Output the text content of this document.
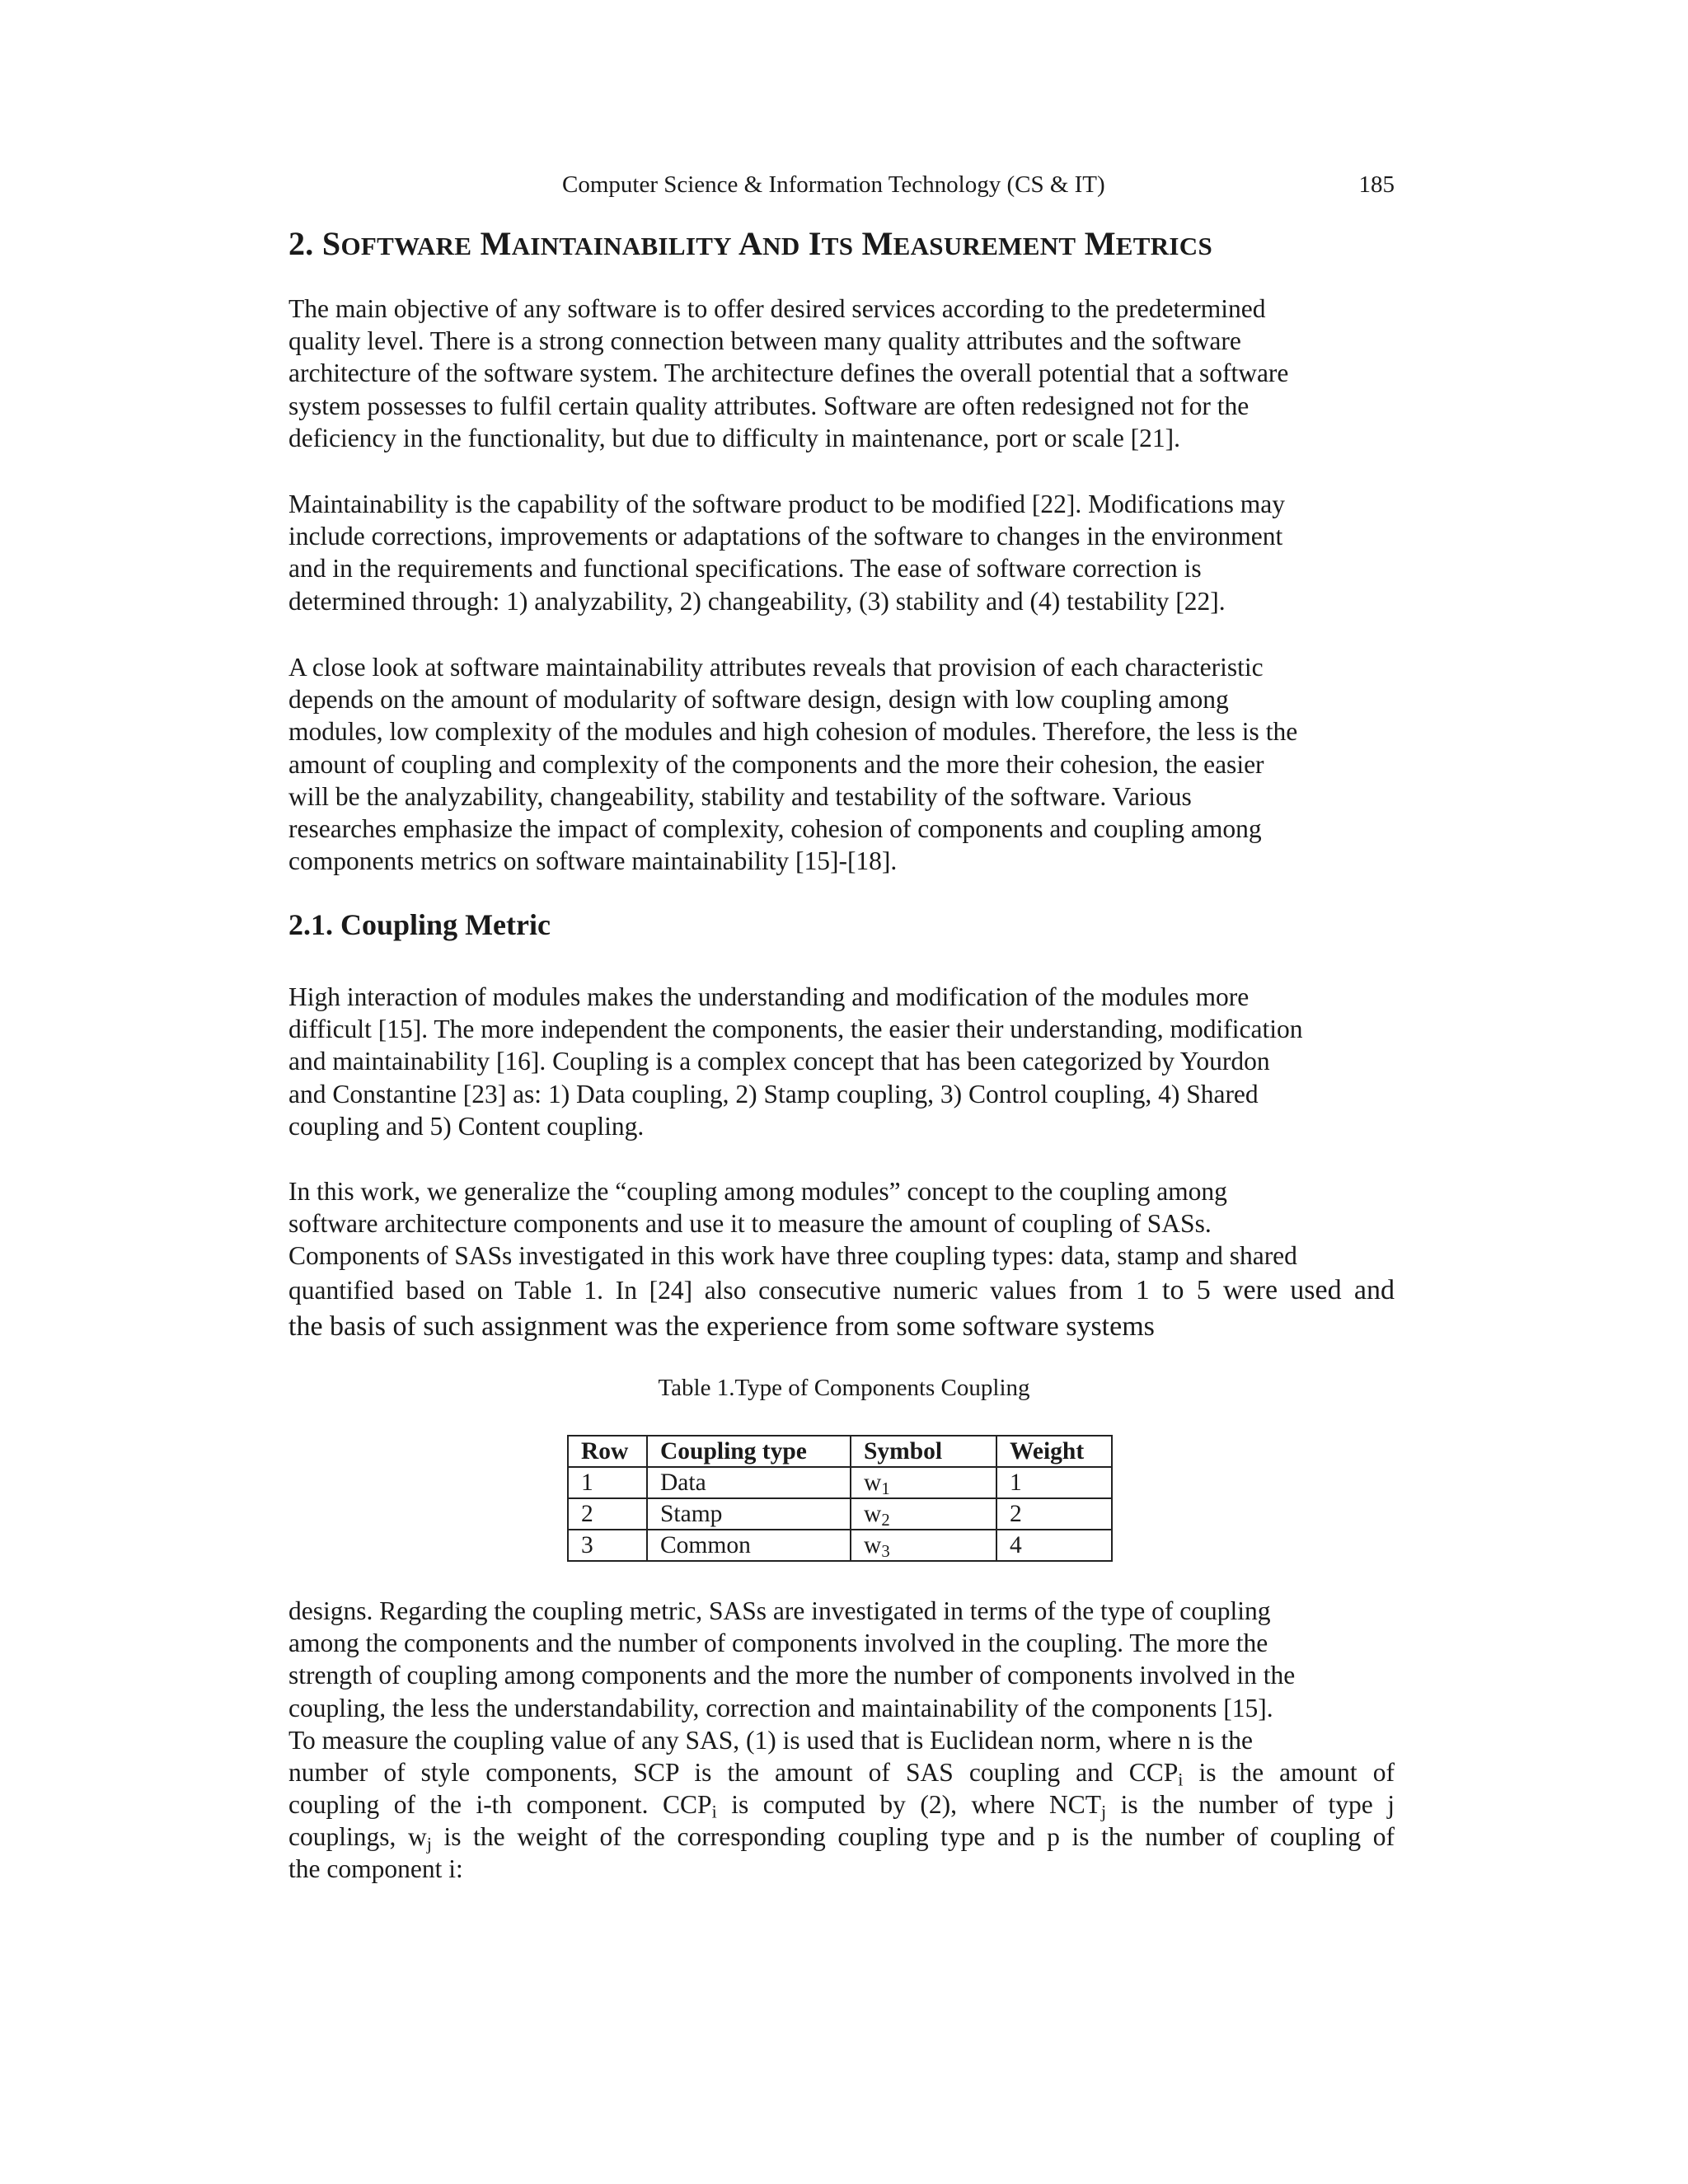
Computer Science & Information Technology (CS & IT)	185
2. SOFTWARE MAINTAINABILITY AND ITS MEASUREMENT METRICS

The main objective of any software is to offer desired services according to the predetermined
quality level. There is a strong connection between many quality attributes and the software
architecture of the software system. The architecture defines the overall potential that a software
system possesses to fulfil certain quality attributes. Software are often redesigned not for the
deficiency in the functionality, but due to difficulty in maintenance, port or scale [21].

Maintainability is the capability of the software product to be modified [22]. Modifications may
include corrections, improvements or adaptations of the software to changes in the environment
and in the requirements and functional specifications. The ease of software correction is
determined through: 1) analyzability, 2) changeability, (3) stability and (4) testability [22].

A close look at software maintainability attributes reveals that provision of each characteristic
depends on the amount of modularity of software design, design with low coupling among
modules, low complexity of the modules and high cohesion of modules. Therefore, the less is the
amount of coupling and complexity of the components and the more their cohesion, the easier
will be the analyzability, changeability, stability and testability of the software. Various
researches emphasize the impact of complexity, cohesion of components and coupling among
components metrics on software maintainability [15]-[18].

2.1. Coupling Metric

High interaction of modules makes the understanding and modification of the modules more
difficult [15]. The more independent the components, the easier their understanding, modification
and maintainability [16]. Coupling is a complex concept that has been categorized by Yourdon
and Constantine [23] as: 1) Data coupling, 2) Stamp coupling, 3) Control coupling, 4) Shared
coupling and 5) Content coupling.

In this work, we generalize the “coupling among modules” concept to the coupling among
software architecture components and use it to measure the amount of coupling of SASs.
Components of SASs investigated in this work have three coupling types: data, stamp and shared

quantified based on Table 1. In [24] also consecutive numeric values from 1 to 5 were used and

the basis of such assignment was the experience from some software systems

Table 1.Type of Components Coupling
Row	Coupling type	Symbol	Weight
1	Data	$w_1$	1
2	Stamp	$w_2$	2
3	Common	$w_3$	4

designs. Regarding the coupling metric, SASs are investigated in terms of the type of coupling
among the components and the number of components involved in the coupling. The more the
strength of coupling among components and the more the number of components involved in the
coupling, the less the understandability, correction and maintainability of the components [15].
To measure the coupling value of any SAS, (1) is used that is Euclidean norm, where n is the

number of style components, SCP is the amount of SAS coupling and $CCP_i$ is the amount of

coupling of the i-th component. $CCP_i$ is computed by (2), where $NCT_j$ is the number of type j

couplings, $w_j$ is the weight of the corresponding coupling type and p is the number of coupling of

the component i:
